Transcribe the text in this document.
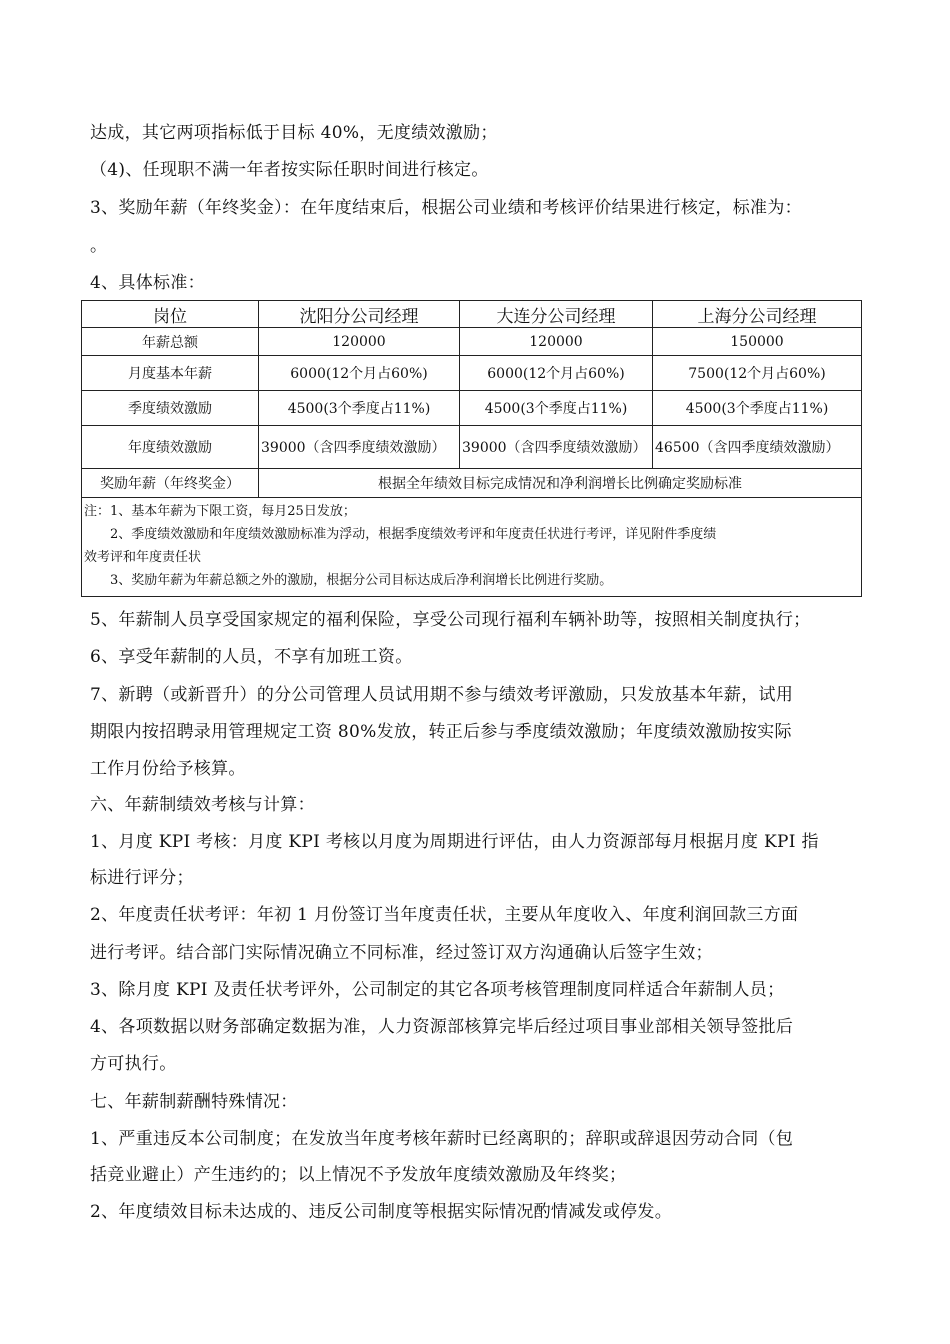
达成，其它两项指标低于目标 40%，无度绩效激励；
（4)、任现职不满一年者按实际任职时间进行核定。
3、奖励年薪（年终奖金）：在年度结束后，根据公司业绩和考核评价结果进行核定，标准为：
。
4、具体标准：
岗位	沈阳分公司经理	大连分公司经理	上海分公司经理
年薪总额	120000	120000	150000
月度基本年薪	6000(12个月占60%)	6000(12个月占60%)	7500(12个月占60%)
季度绩效激励	4500(3个季度占11%)	4500(3个季度占11%)	4500(3个季度占11%)
年度绩效激励	39000（含四季度绩效激励）	39000（含四季度绩效激励）	46500（含四季度绩效激励）
奖励年薪（年终奖金）	根据全年绩效目标完成情况和净利润增长比例确定奖励标准		

注：1、基本年薪为下限工资，每月25日发放；
　　2、季度绩效激励和年度绩效激励标准为浮动，根据季度绩效考评和年度责任状进行考评，详见附件季度绩
效考评和年度责任状
　　3、奖励年薪为年薪总额之外的激励，根据分公司目标达成后净利润增长比例进行奖励。			
5、年薪制人员享受国家规定的福利保险，享受公司现行福利车辆补助等，按照相关制度执行；
6、享受年薪制的人员，不享有加班工资。
7、新聘（或新晋升）的分公司管理人员试用期不参与绩效考评激励，只发放基本年薪，试用
期限内按招聘录用管理规定工资 80%发放，转正后参与季度绩效激励；年度绩效激励按实际
工作月份给予核算。
六、年薪制绩效考核与计算：
1、月度 KPI 考核：月度 KPI 考核以月度为周期进行评估，由人力资源部每月根据月度 KPI 指
标进行评分；
2、年度责任状考评：年初 1 月份签订当年度责任状，主要从年度收入、年度利润回款三方面
进行考评。结合部门实际情况确立不同标准，经过签订双方沟通确认后签字生效；
3、除月度 KPI 及责任状考评外，公司制定的其它各项考核管理制度同样适合年薪制人员；
4、各项数据以财务部确定数据为准，人力资源部核算完毕后经过项目事业部相关领导签批后
方可执行。
七、年薪制薪酬特殊情况：
1、严重违反本公司制度；在发放当年度考核年薪时已经离职的；辞职或辞退因劳动合同（包
括竞业避止）产生违约的；以上情况不予发放年度绩效激励及年终奖；
2、年度绩效目标未达成的、违反公司制度等根据实际情况酌情减发或停发。
